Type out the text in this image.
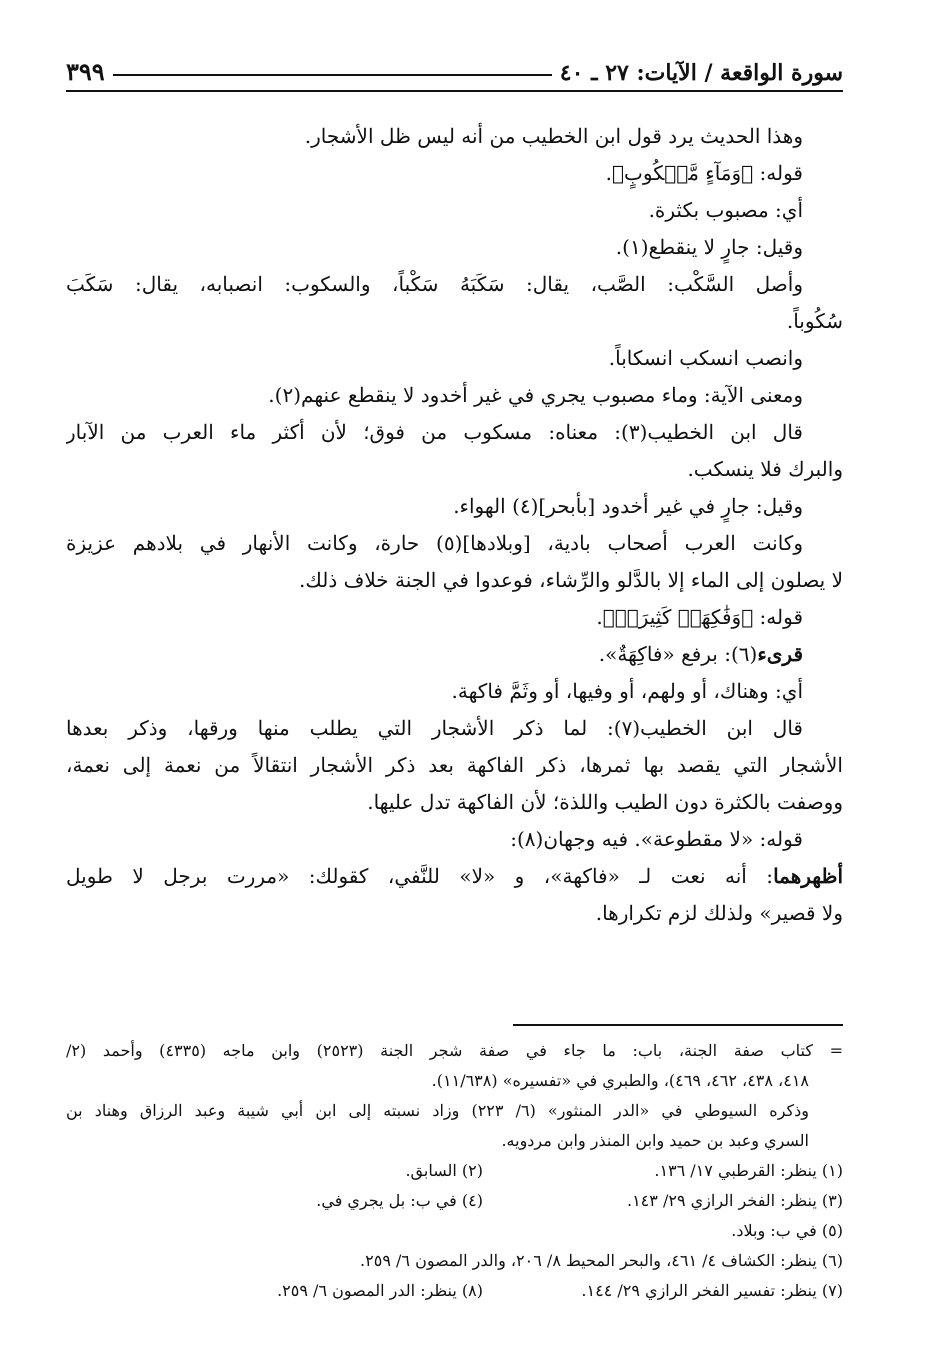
سورة الواقعة / الآيات: ٢٧ ـ ٤٠
٣٩٩
وهذا الحديث يرد قول ابن الخطيب من أنه ليس ظل الأشجار.
قوله: ﴿وَمَآءٍ مَّسۡكُوبٍ﴾.
أي: مصبوب بكثرة.
وقيل: جارٍ لا ينقطع(١).
وأصل السَّكْب: الصَّب، يقال: سَكَبَهُ سَكْباً، والسكوب: انصبابه، يقال: سَكَبَ
سُكُوباً.
وانصب انسكب انسكاباً.
ومعنى الآية: وماء مصبوب يجري في غير أخدود لا ينقطع عنهم(٢).
قال ابن الخطيب(٣): معناه: مسكوب من فوق؛ لأن أكثر ماء العرب من الآبار
والبرك فلا ينسكب.
وقيل: جارٍ في غير أخدود [بأبحر](٤) الهواء.
وكانت العرب أصحاب بادية، [وبلادها](٥) حارة، وكانت الأنهار في بلادهم عزيزة
لا يصلون إلى الماء إلا بالدَّلو والرِّشاء، فوعدوا في الجنة خلاف ذلك.
قوله: ﴿وَفَٰكِهَةٖ كَثِيرَةٖ﴾.
قرىء(٦): برفع «فاكِهَةٌ».
أي: وهناك، أو ولهم، أو وفيها، أو وثَمَّ فاكهة.
قال ابن الخطيب(٧): لما ذكر الأشجار التي يطلب منها ورقها، وذكر بعدها
الأشجار التي يقصد بها ثمرها، ذكر الفاكهة بعد ذكر الأشجار انتقالاً من نعمة إلى نعمة،
ووصفت بالكثرة دون الطيب واللذة؛ لأن الفاكهة تدل عليها.
قوله: «لا مقطوعة». فيه وجهان(٨):
أظهرهما: أنه نعت لـ «فاكهة»، و «لا» للنَّفي، كقولك: «مررت برجل لا طويل
ولا قصير» ولذلك لزم تكرارها.
= كتاب صفة الجنة، باب: ما جاء في صفة شجر الجنة (٢٥٢٣) وابن ماجه (٤٣٣٥) وأحمد (٢/
٤١٨، ٤٣٨، ٤٦٢، ٤٦٩)، والطبري في «تفسيره» (١١/٦٣٨).
وذكره السيوطي في «الدر المنثور» (٦/ ٢٢٣) وزاد نسبته إلى ابن أبي شيبة وعبد الرزاق وهناد بن
السري وعبد بن حميد وابن المنذر وابن مردويه.
(١) ينظر: القرطبي ١٧/ ١٣٦.
(٢) السابق.
(٣) ينظر: الفخر الرازي ٢٩/ ١٤٣.
(٤) في ب: بل يجري في.
(٥) في ب: وبلاد.
(٦) ينظر: الكشاف ٤/ ٤٦١، والبحر المحيط ٨/ ٢٠٦، والدر المصون ٦/ ٢٥٩.
(٧) ينظر: تفسير الفخر الرازي ٢٩/ ١٤٤.
(٨) ينظر: الدر المصون ٦/ ٢٥٩.
